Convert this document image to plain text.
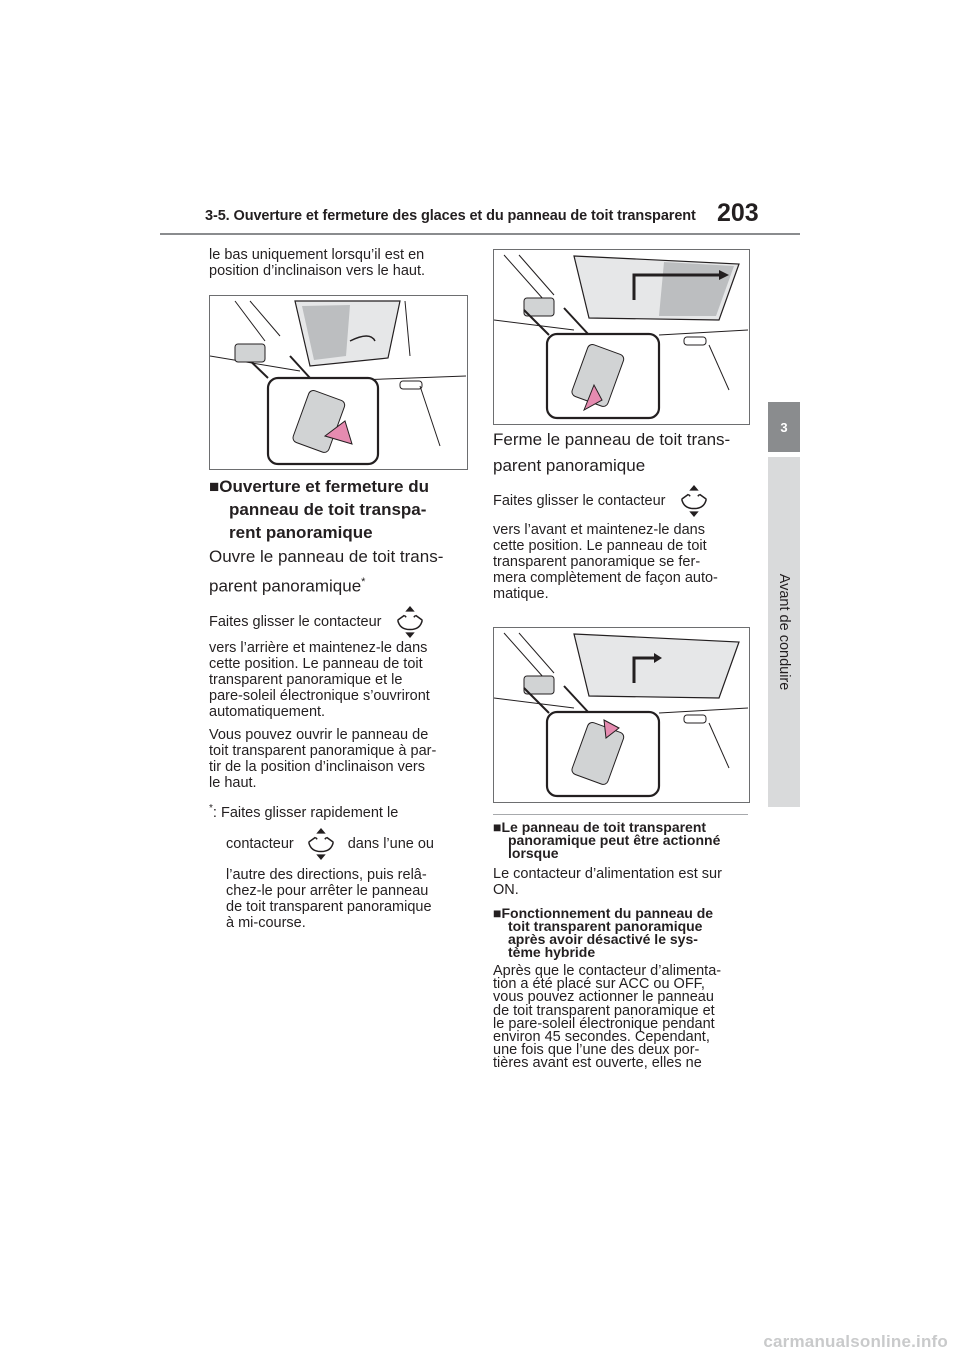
3-5. Ouverture et fermeture des glaces et du panneau de toit transparent 203
3
Avant de conduire
le bas uniquement lorsqu’il est en
position d’inclinaison vers le haut.
■Ouverture et fermeture du
panneau de toit transpa-
rent panoramique
Ouvre le panneau de toit trans-
parent panoramique*
Faites glisser le contacteur
vers l’arrière et maintenez-le dans
cette position. Le panneau de toit
transparent panoramique et le
pare-soleil électronique s’ouvriront
automatiquement.
Vous pouvez ouvrir le panneau de
toit transparent panoramique à par-
tir de la position d’inclinaison vers
le haut.
*: Faites glisser rapidement le
contacteur	dans l’une ou
l’autre des directions, puis relâ-
chez-le pour arrêter le panneau
de toit transparent panoramique
à mi-course.
Ferme le panneau de toit trans-
parent panoramique
Faites glisser le contacteur
vers l’avant et maintenez-le dans
cette position. Le panneau de toit
transparent panoramique se fer-
mera complètement de façon auto-
matique.
■Le panneau de toit transparent
panoramique peut être actionné
lorsque
Le contacteur d’alimentation est sur
ON.
■Fonctionnement du panneau de
toit transparent panoramique
après avoir désactivé le sys-
tème hybride
Après que le contacteur d’alimenta-
tion a été placé sur ACC ou OFF,
vous pouvez actionner le panneau
de toit transparent panoramique et
le pare-soleil électronique pendant
environ 45 secondes. Cependant,
une fois que l’une des deux por-
tières avant est ouverte, elles ne
carmanualsonline.info
